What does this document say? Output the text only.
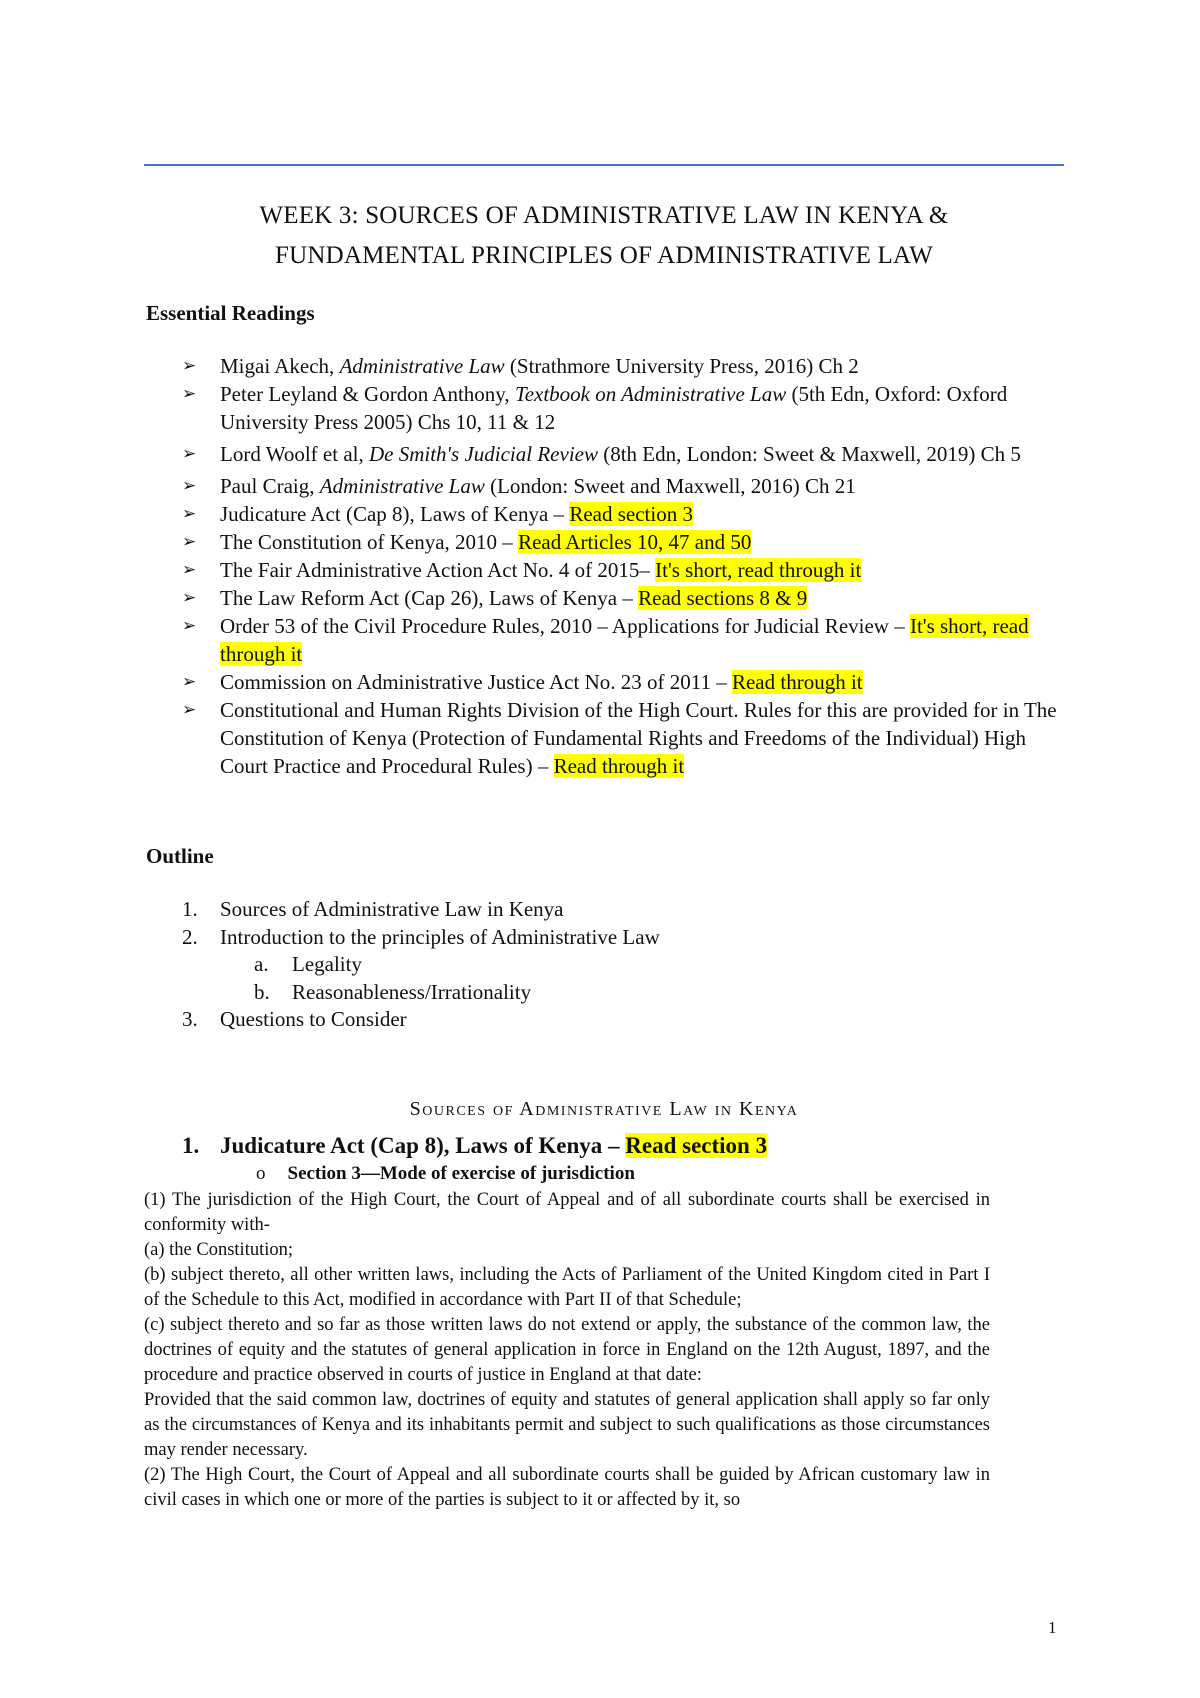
WEEK 3: SOURCES OF ADMINISTRATIVE LAW IN KENYA &
FUNDAMENTAL PRINCIPLES OF ADMINISTRATIVE LAW
Essential Readings
➢ Migai Akech, Administrative Law (Strathmore University Press, 2016) Ch 2
➢ Peter Leyland & Gordon Anthony, Textbook on Administrative Law (5th Edn, Oxford: Oxford University Press 2005) Chs 10, 11 & 12
➢ Lord Woolf et al, De Smith's Judicial Review (8th Edn, London: Sweet & Maxwell, 2019) Ch 5
➢ Paul Craig, Administrative Law (London: Sweet and Maxwell, 2016) Ch 21
➢ Judicature Act (Cap 8), Laws of Kenya – Read section 3
➢ The Constitution of Kenya, 2010 – Read Articles 10, 47 and 50
➢ The Fair Administrative Action Act No. 4 of 2015– It's short, read through it
➢ The Law Reform Act (Cap 26), Laws of Kenya – Read sections 8 & 9
➢ Order 53 of the Civil Procedure Rules, 2010 – Applications for Judicial Review – It's short, read through it
➢ Commission on Administrative Justice Act No. 23 of 2011 – Read through it
➢ Constitutional and Human Rights Division of the High Court. Rules for this are provided for in The Constitution of Kenya (Protection of Fundamental Rights and Freedoms of the Individual) High Court Practice and Procedural Rules) – Read through it
Outline
1. Sources of Administrative Law in Kenya
2. Introduction to the principles of Administrative Law
a. Legality
b. Reasonableness/Irrationality
3. Questions to Consider
Sources of Administrative Law in Kenya
1. Judicature Act (Cap 8), Laws of Kenya – Read section 3
o Section 3—Mode of exercise of jurisdiction

(1) The jurisdiction of the High Court, the Court of Appeal and of all subordinate courts shall be exercised in conformity with-

(a) the Constitution;

(b) subject thereto, all other written laws, including the Acts of Parliament of the United Kingdom cited in Part I of the Schedule to this Act, modified in accordance with Part II of that Schedule;

(c) subject thereto and so far as those written laws do not extend or apply, the substance of the common law, the doctrines of equity and the statutes of general application in force in England on the 12th August, 1897, and the procedure and practice observed in courts of justice in England at that date:

Provided that the said common law, doctrines of equity and statutes of general application shall apply so far only as the circumstances of Kenya and its inhabitants permit and subject to such qualifications as those circumstances may render necessary.

(2) The High Court, the Court of Appeal and all subordinate courts shall be guided by African customary law in civil cases in which one or more of the parties is subject to it or affected by it, so

1
